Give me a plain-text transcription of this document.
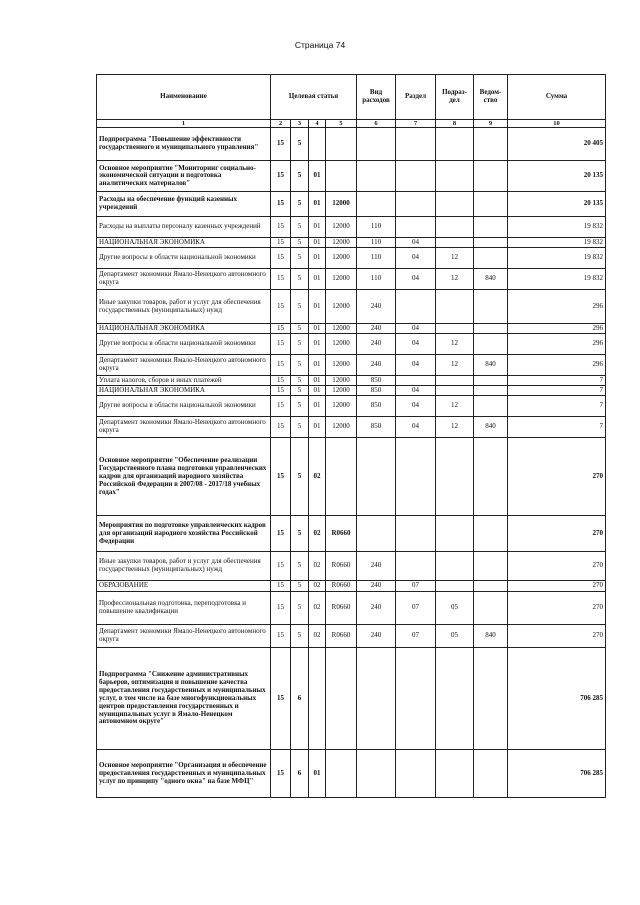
Страница 74
Наименование	Целевая статья				Вид расходов	Раздел	Подраз- дел	Ведом- ство	Сумма
1	2	3	4	5	6	7	8	9	10
Подпрограмма "Повышение эффективности государственного и муниципального управления"	15	5							20 405
Основное мероприятие "Мониторинг социально-экономической ситуации и подготовка аналитических материалов"	15	5	01						20 135
Расходы на обеспечение функций казенных учреждений	15	5	01	12000					20 135
Расходы на выплаты персоналу казенных учреждений	15	5	01	12000	110				19 832
НАЦИОНАЛЬНАЯ ЭКОНОМИКА	15	5	01	12000	110	04			19 832
Другие вопросы в области национальной экономики	15	5	01	12000	110	04	12		19 832
Департамент экономики Ямало-Ненецкого автономного округа	15	5	01	12000	110	04	12	840	19 832
Иные закупки товаров, работ и услуг для обеспечения государственных (муниципальных) нужд	15	5	01	12000	240				296
НАЦИОНАЛЬНАЯ ЭКОНОМИКА	15	5	01	12000	240	04			296
Другие вопросы в области национальной экономики	15	5	01	12000	240	04	12		296
Департамент экономики Ямало-Ненецкого автономного округа	15	5	01	12000	240	04	12	840	296
Уплата налогов, сборов и иных платежей	15	5	01	12000	850				7
НАЦИОНАЛЬНАЯ ЭКОНОМИКА	15	5	01	12000	850	04			7
Другие вопросы в области национальной экономики	15	5	01	12000	850	04	12		7
Департамент экономики Ямало-Ненецкого автономного округа	15	5	01	12000	850	04	12	840	7
Основное мероприятие "Обеспечение реализации Государственного плана подготовки управленческих кадров для организаций народного хозяйства Российской Федерации в 2007/08 - 2017/18 учебных годах"	15	5	02						270
Мероприятия по подготовке управленческих кадров для организаций народного хозяйства Российской Федерации	15	5	02	R0660					270
Иные закупки товаров, работ и услуг для обеспечения государственных (муниципальных) нужд	15	5	02	R0660	240				270
ОБРАЗОВАНИЕ	15	5	02	R0660	240	07			270
Профессиональная подготовка, переподготовка и повышение квалификации	15	5	02	R0660	240	07	05		270
Департамент экономики Ямало-Ненецкого автономного округа	15	5	02	R0660	240	07	05	840	270
Подпрограмма "Снижение административных барьеров, оптимизация и повышение качества предоставления государственных и муниципальных услуг, в том числе на базе многофункциональных центров предоставления государственных и муниципальных услуг в Ямало-Ненецком автономном округе"	15	6							706 285
Основное мероприятие "Организация и обеспечение предоставления государственных и муниципальных услуг по принципу "одного окна" на базе МФЦ"	15	6	01						706 285
